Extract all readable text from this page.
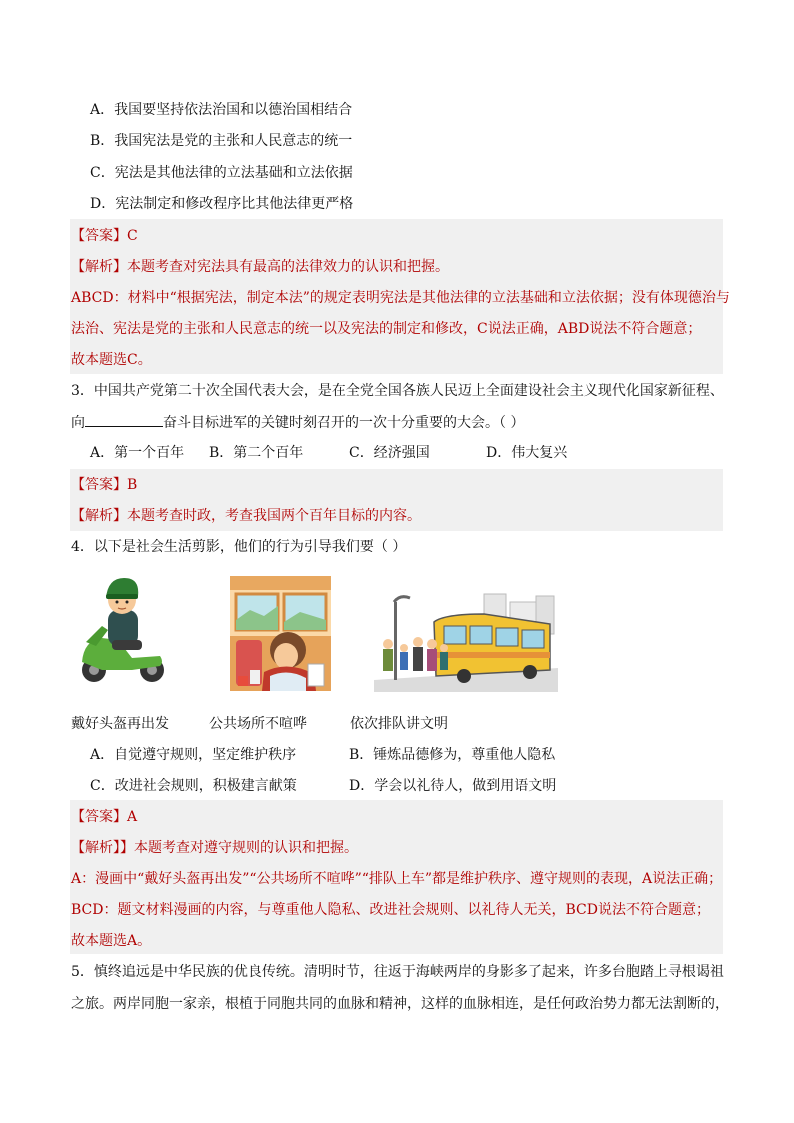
A．我国要坚持依法治国和以德治国相结合
B．我国宪法是党的主张和人民意志的统一
C．宪法是其他法律的立法基础和立法依据
D．宪法制定和修改程序比其他法律更严格
【答案】C
【解析】本题考查对宪法具有最高的法律效力的认识和把握。
ABCD：材料中“根据宪法，制定本法”的规定表明宪法是其他法律的立法基础和立法依据；没有体现德治与
法治、宪法是党的主张和人民意志的统一以及宪法的制定和修改，C说法正确，ABD说法不符合题意；
故本题选C。
3．中国共产党第二十次全国代表大会，是在全党全国各族人民迈上全面建设社会主义现代化国家新征程、
向	奋斗目标进军的关键时刻召开的一次十分重要的大会。（ ）
A．第一个百年 B．第二个百年	C．经济强国	D．伟大复兴
【答案】B
【解析】本题考查时政，考查我国两个百年目标的内容。
4．以下是社会生活剪影，他们的行为引导我们要（ ）
戴好头盔再出发	公共场所不喧哗	依次排队讲文明
A．自觉遵守规则，坚定维护秩序	B．锤炼品德修为，尊重他人隐私
C．改进社会规则，积极建言献策	D．学会以礼待人，做到用语文明
【答案】A
【解析】】本题考查对遵守规则的认识和把握。
A：漫画中“戴好头盔再出发”“公共场所不喧哗”“排队上车”都是维护秩序、遵守规则的表现，A说法正确；
BCD：题文材料漫画的内容，与尊重他人隐私、改进社会规则、以礼待人无关，BCD说法不符合题意；
故本题选A。
5．慎终追远是中华民族的优良传统。清明时节，往返于海峡两岸的身影多了起来，许多台胞踏上寻根谒祖
之旅。两岸同胞一家亲，根植于同胞共同的血脉和精神，这样的血脉相连，是任何政治势力都无法割断的，
